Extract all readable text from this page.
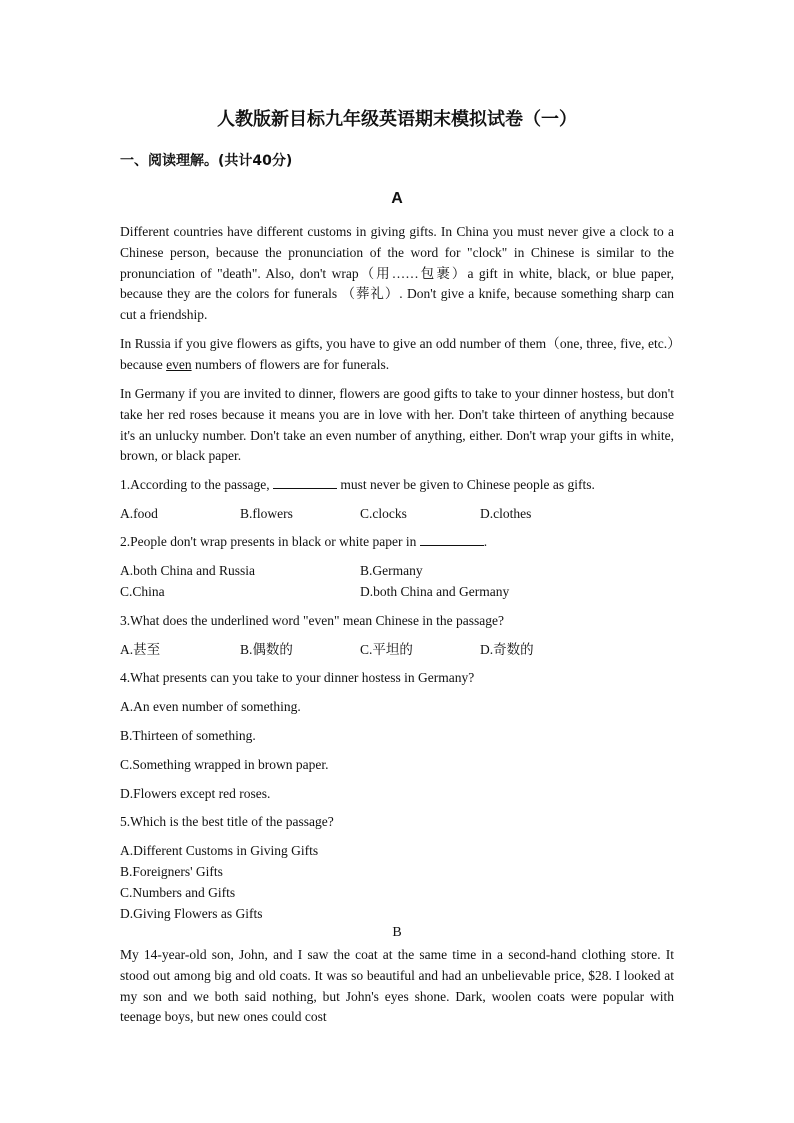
人教版新目标九年级英语期末模拟试卷（一）
一、阅读理解。(共计40分)
A
Different countries have different customs in giving gifts. In China you must never give a clock to a Chinese person, because the pronunciation of the word for "clock" in Chinese is similar to the pronunciation of "death". Also, don't wrap（用……包裹）a gift in white, black, or blue paper, because they are the colors for funerals （葬礼）. Don't give a knife, because something sharp can cut a friendship.
In Russia if you give flowers as gifts, you have to give an odd number of them（one, three, five, etc.）because even numbers of flowers are for funerals.
In Germany if you are invited to dinner, flowers are good gifts to take to your dinner hostess, but don't take her red roses because it means you are in love with her. Don't take thirteen of anything because it's an unlucky number. Don't take an even number of anything, either. Don't wrap your gifts in white, brown, or black paper.
1.According to the passage,	must never be given to Chinese people as gifts.
A.food	B.flowers	C.clocks	D.clothes
2.People don't wrap presents in black or white paper in	.
A.both China and Russia	B.Germany
C.China	D.both China and Germany
3.What does the underlined word "even" mean Chinese in the passage?
A.甚至	B.偶数的	C.平坦的	D.奇数的
4.What presents can you take to your dinner hostess in Germany?
A.An even number of something.
B.Thirteen of something.
C.Something wrapped in brown paper.
D.Flowers except red roses.
5.Which is the best title of the passage?
A.Different Customs in Giving Gifts
B.Foreigners' Gifts
C.Numbers and Gifts
D.Giving Flowers as Gifts
B
My 14-year-old son, John, and I saw the coat at the same time in a second-hand clothing store. It stood out among big and old coats. It was so beautiful and had an unbelievable price, $28. I looked at my son and we both said nothing, but John's eyes shone. Dark, woolen coats were popular with teenage boys, but new ones could cost
